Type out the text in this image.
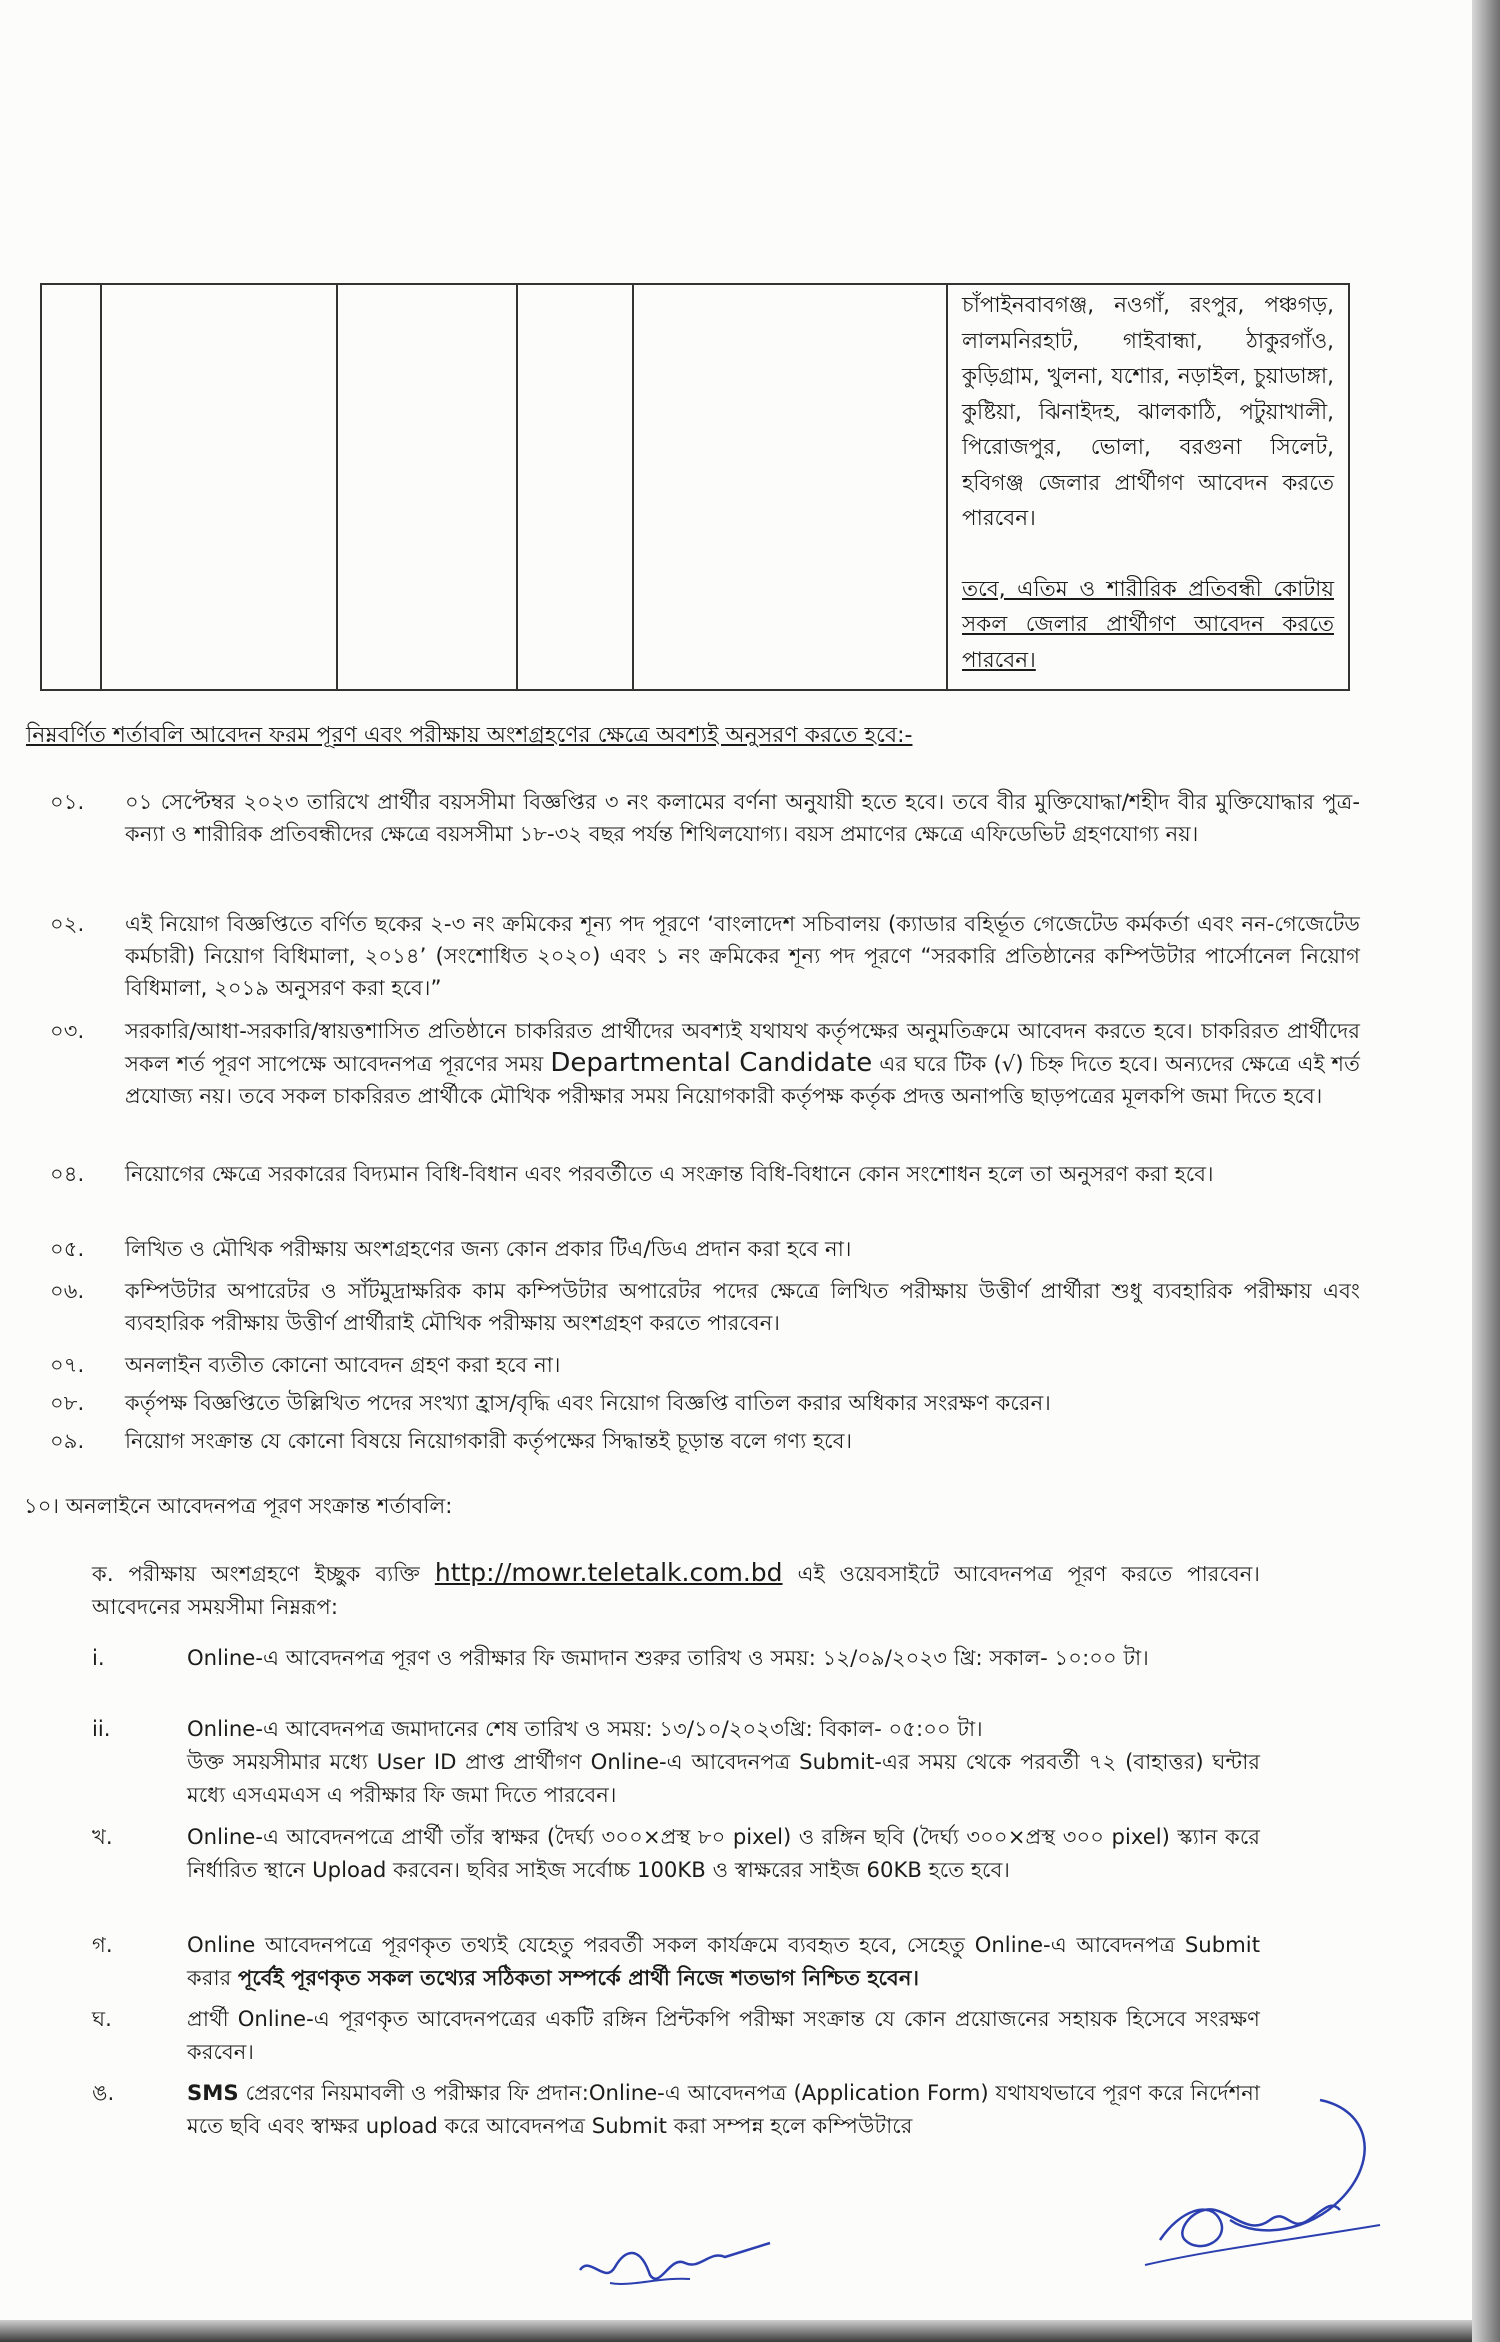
চাঁপাইনবাবগঞ্জ, নওগাঁ, রংপুর, পঞ্চগড়, লালমনিরহাট, গাইবান্ধা, ঠাকুরগাঁও, কুড়িগ্রাম, খুলনা, যশোর, নড়াইল, চুয়াডাঙ্গা, কুষ্টিয়া, ঝিনাইদহ, ঝালকাঠি, পটুয়াখালী, পিরোজপুর, ভোলা, বরগুনা সিলেট, হবিগঞ্জ জেলার প্রার্থীগণ আবেদন করতে পারবেন।

তবে, এতিম ও শারীরিক প্রতিবন্ধী কোটায় সকল জেলার প্রার্থীগণ আবেদন করতে পারবেন।

নিম্নবর্ণিত শর্তাবলি আবেদন ফরম পূরণ এবং পরীক্ষায় অংশগ্রহণের ক্ষেত্রে অবশ্যই অনুসরণ করতে হবে:-
০১.	০১ সেপ্টেম্বর ২০২৩ তারিখে প্রার্থীর বয়সসীমা বিজ্ঞপ্তির ৩ নং কলামের বর্ণনা অনুযায়ী হতে হবে। তবে বীর মুক্তিযোদ্ধা/শহীদ বীর মুক্তিযোদ্ধার পুত্র-কন্যা ও শারীরিক প্রতিবন্ধীদের ক্ষেত্রে বয়সসীমা ১৮-৩২ বছর পর্যন্ত শিথিলযোগ্য। বয়স প্রমাণের ক্ষেত্রে এফিডেভিট গ্রহণযোগ্য নয়।
০২.	এই নিয়োগ বিজ্ঞপ্তিতে বর্ণিত ছকের ২-৩ নং ক্রমিকের শূন্য পদ পূরণে ‘বাংলাদেশ সচিবালয় (ক্যাডার বহির্ভূত গেজেটেড কর্মকর্তা এবং নন-গেজেটেড কর্মচারী) নিয়োগ বিধিমালা, ২০১৪’ (সংশোধিত ২০২০) এবং ১ নং ক্রমিকের শূন্য পদ পূরণে “সরকারি প্রতিষ্ঠানের কম্পিউটার পার্সোনেল নিয়োগ বিধিমালা, ২০১৯ অনুসরণ করা হবে।”
০৩.	সরকারি/আধা-সরকারি/স্বায়ত্তশাসিত প্রতিষ্ঠানে চাকরিরত প্রার্থীদের অবশ্যই যথাযথ কর্তৃপক্ষের অনুমতিক্রমে আবেদন করতে হবে। চাকরিরত প্রার্থীদের সকল শর্ত পূরণ সাপেক্ষে আবেদনপত্র পূরণের সময় Departmental Candidate এর ঘরে টিক (√) চিহ্ন দিতে হবে। অন্যদের ক্ষেত্রে এই শর্ত প্রযোজ্য নয়। তবে সকল চাকরিরত প্রার্থীকে মৌখিক পরীক্ষার সময় নিয়োগকারী কর্তৃপক্ষ কর্তৃক প্রদত্ত অনাপত্তি ছাড়পত্রের মূলকপি জমা দিতে হবে।
০৪.	নিয়োগের ক্ষেত্রে সরকারের বিদ্যমান বিধি-বিধান এবং পরবর্তীতে এ সংক্রান্ত বিধি-বিধানে কোন সংশোধন হলে তা অনুসরণ করা হবে।
০৫.	লিখিত ও মৌখিক পরীক্ষায় অংশগ্রহণের জন্য কোন প্রকার টিএ/ডিএ প্রদান করা হবে না।
০৬.	কম্পিউটার অপারেটর ও সাঁটমুদ্রাক্ষরিক কাম কম্পিউটার অপারেটর পদের ক্ষেত্রে লিখিত পরীক্ষায় উত্তীর্ণ প্রার্থীরা শুধু ব্যবহারিক পরীক্ষায় এবং ব্যবহারিক পরীক্ষায় উত্তীর্ণ প্রার্থীরাই মৌখিক পরীক্ষায় অংশগ্রহণ করতে পারবেন।
০৭.	অনলাইন ব্যতীত কোনো আবেদন গ্রহণ করা হবে না।
০৮.	কর্তৃপক্ষ বিজ্ঞপ্তিতে উল্লিখিত পদের সংখ্যা হ্রাস/বৃদ্ধি এবং নিয়োগ বিজ্ঞপ্তি বাতিল করার অধিকার সংরক্ষণ করেন।
০৯.	নিয়োগ সংক্রান্ত যে কোনো বিষয়ে নিয়োগকারী কর্তৃপক্ষের সিদ্ধান্তই চূড়ান্ত বলে গণ্য হবে।
১০। অনলাইনে আবেদনপত্র পূরণ সংক্রান্ত শর্তাবলি:
ক. পরীক্ষায় অংশগ্রহণে ইচ্ছুক ব্যক্তি http://mowr.teletalk.com.bd এই ওয়েবসাইটে আবেদনপত্র পূরণ করতে পারবেন। আবেদনের সময়সীমা নিম্নরূপ:
i.	Online-এ আবেদনপত্র পূরণ ও পরীক্ষার ফি জমাদান শুরুর তারিখ ও সময়: ১২/০৯/২০২৩ খ্রি: সকাল- ১০:০০ টা।
ii.	Online-এ আবেদনপত্র জমাদানের শেষ তারিখ ও সময়: ১৩/১০/২০২৩খ্রি: বিকাল- ০৫:০০ টা।
উক্ত সময়সীমার মধ্যে User ID প্রাপ্ত প্রার্থীগণ Online-এ আবেদনপত্র Submit-এর সময় থেকে পরবর্তী ৭২ (বাহাত্তর) ঘন্টার মধ্যে এসএমএস এ পরীক্ষার ফি জমা দিতে পারবেন।
খ.	Online-এ আবেদনপত্রে প্রার্থী তাঁর স্বাক্ষর (দৈর্ঘ্য ৩০০×প্রস্থ ৮০ pixel) ও রঙ্গিন ছবি (দৈর্ঘ্য ৩০০×প্রস্থ ৩০০ pixel) স্ক্যান করে নির্ধারিত স্থানে Upload করবেন। ছবির সাইজ সর্বোচ্চ 100KB ও স্বাক্ষরের সাইজ 60KB হতে হবে।
গ.	Online আবেদনপত্রে পূরণকৃত তথ্যই যেহেতু পরবর্তী সকল কার্যক্রমে ব্যবহৃত হবে, সেহেতু Online-এ আবেদনপত্র Submit করার পূর্বেই পূরণকৃত সকল তথ্যের সঠিকতা সম্পর্কে প্রার্থী নিজে শতভাগ নিশ্চিত হবেন।
ঘ.	প্রার্থী Online-এ পূরণকৃত আবেদনপত্রের একটি রঙ্গিন প্রিন্টকপি পরীক্ষা সংক্রান্ত যে কোন প্রয়োজনের সহায়ক হিসেবে সংরক্ষণ করবেন।
ঙ.	SMS প্রেরণের নিয়মাবলী ও পরীক্ষার ফি প্রদান:Online-এ আবেদনপত্র (Application Form) যথাযথভাবে পূরণ করে নির্দেশনা মতে ছবি এবং স্বাক্ষর upload করে আবেদনপত্র Submit করা সম্পন্ন হলে কম্পিউটারে
